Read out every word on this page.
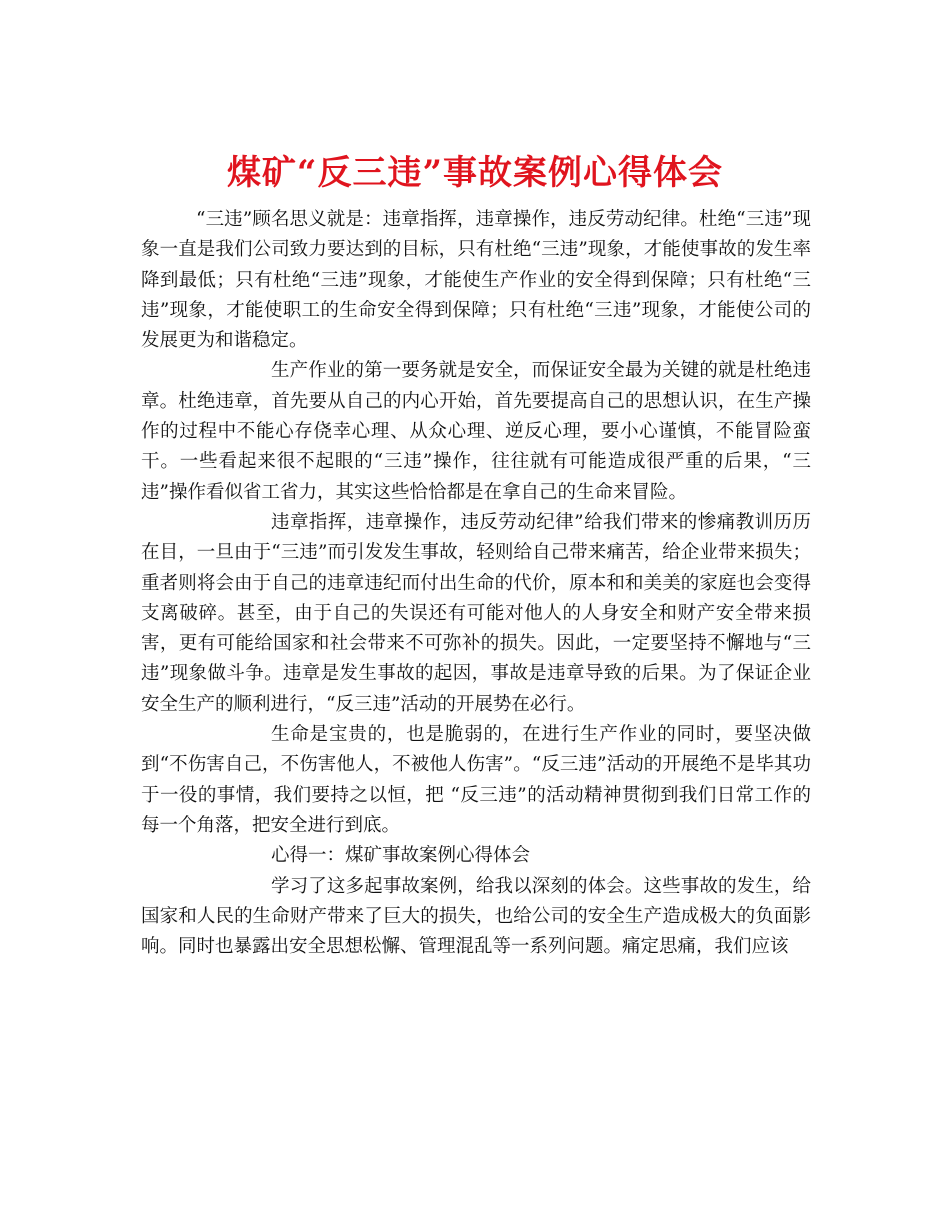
煤矿“反三违”事故案例心得体会

“三违”顾名思义就是：违章指挥，违章操作，违反劳动纪律。杜绝“三违”现象一直是我们公司致力要达到的目标，只有杜绝“三违”现象，才能使事故的发生率降到最低；只有杜绝“三违”现象，才能使生产作业的安全得到保障；只有杜绝“三违”现象，才能使职工的生命安全得到保障；只有杜绝“三违”现象，才能使公司的发展更为和谐稳定。

生产作业的第一要务就是安全，而保证安全最为关键的就是杜绝违章。杜绝违章，首先要从自己的内心开始，首先要提高自己的思想认识，在生产操作的过程中不能心存侥幸心理、从众心理、逆反心理，要小心谨慎，不能冒险蛮干。一些看起来很不起眼的“三违”操作，往往就有可能造成很严重的后果，“三违”操作看似省工省力，其实这些恰恰都是在拿自己的生命来冒险。

违章指挥，违章操作，违反劳动纪律”给我们带来的惨痛教训历历在目，一旦由于“三违”而引发发生事故，轻则给自己带来痛苦，给企业带来损失；重者则将会由于自己的违章违纪而付出生命的代价，原本和和美美的家庭也会变得支离破碎。甚至，由于自己的失误还有可能对他人的人身安全和财产安全带来损害，更有可能给国家和社会带来不可弥补的损失。因此，一定要坚持不懈地与“三违”现象做斗争。违章是发生事故的起因，事故是违章导致的后果。为了保证企业安全生产的顺利进行，“反三违”活动的开展势在必行。

生命是宝贵的，也是脆弱的，在进行生产作业的同时，要坚决做到“不伤害自己，不伤害他人，不被他人伤害”。“反三违”活动的开展绝不是毕其功于一役的事情，我们要持之以恒，把 “反三违”的活动精神贯彻到我们日常工作的每一个角落，把安全进行到底。

心得一：煤矿事故案例心得体会

学习了这多起事故案例，给我以深刻的体会。这些事故的发生，给国家和人民的生命财产带来了巨大的损失，也给公司的安全生产造成极大的负面影响。同时也暴露出安全思想松懈、管理混乱等一系列问题。痛定思痛，我们应该
